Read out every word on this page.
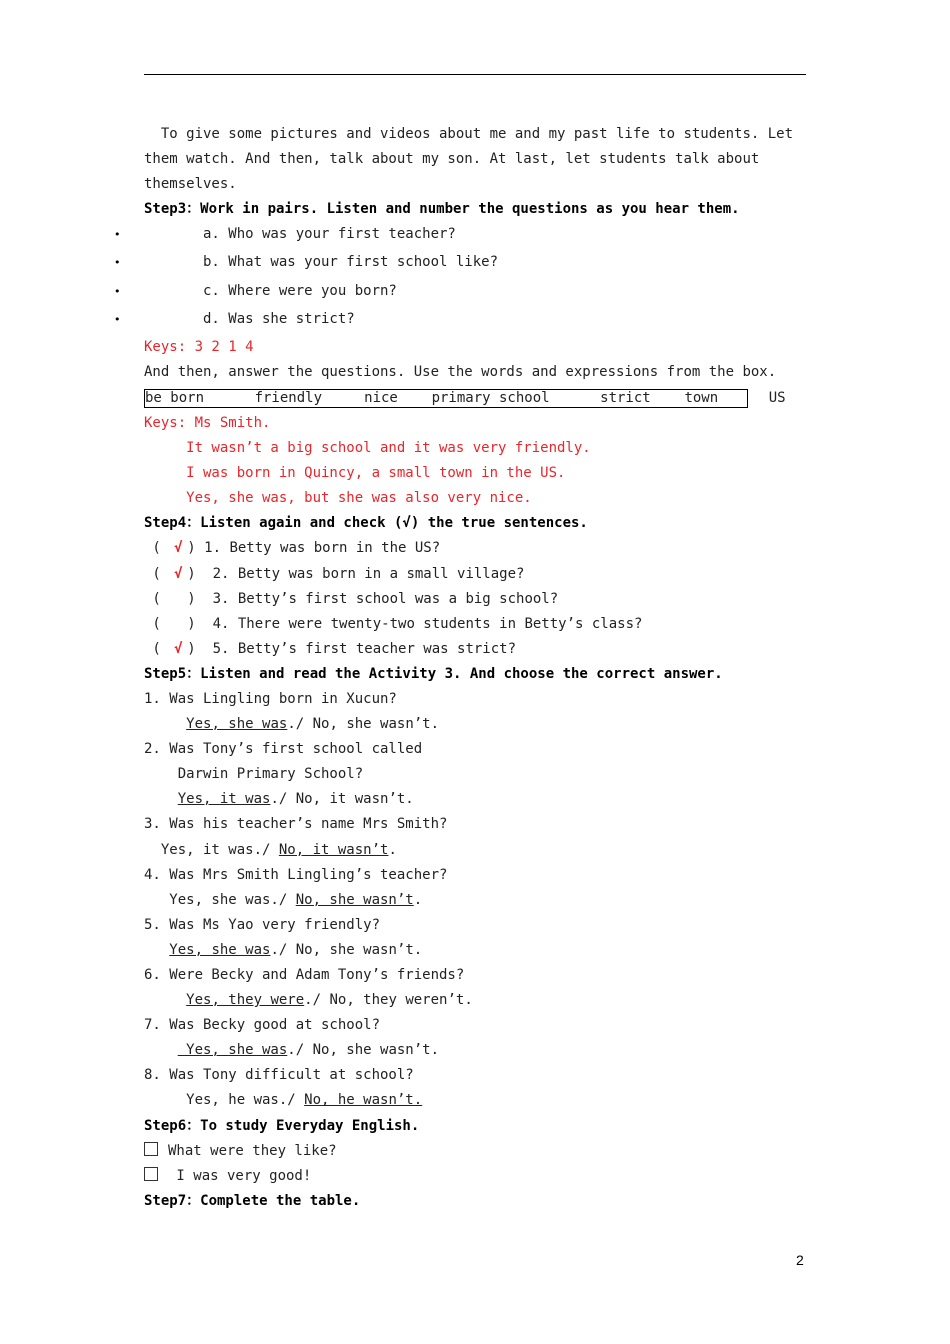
To give some pictures and videos about me and my past life to students. Let
them watch. And then, talk about my son. At last, let students talk about
themselves.
Step3：Work in pairs. Listen and number the questions as you hear them.
• a. Who was your first teacher?
• b. What was your first school like?
• c. Where were you born?
• d. Was she strict?
Keys: 3 2 1 4
And then, answer the questions. Use the words and expressions from the box.
be born      friendly     nice    primary school      strict    town      US
Keys: Ms Smith.
It wasn’t a big school and it was very friendly.
I was born in Quincy, a small town in the US.
Yes, she was, but she was also very nice.
Step4：Listen again and check (√) the true sentences.
( √ ) 1. Betty was born in the US?
( √ )  2. Betty was born in a small village?
( )  3. Betty’s first school was a big school?
( )  4. There were twenty-two students in Betty’s class?
( √ )  5. Betty’s first teacher was strict?
Step5：Listen and read the Activity 3. And choose the correct answer.
1. Was Lingling born in Xucun?
Yes, she was./ No, she wasn’t.
2. Was Tony’s first school called
Darwin Primary School?
Yes, it was./ No, it wasn’t.
3. Was his teacher’s name Mrs Smith?
Yes, it was./ No, it wasn’t.
4. Was Mrs Smith Lingling’s teacher?
Yes, she was./ No, she wasn’t.
5. Was Ms Yao very friendly?
Yes, she was./ No, she wasn’t.
6. Were Becky and Adam Tony’s friends?
Yes, they were./ No, they weren’t.
7. Was Becky good at school?
Yes, she was./ No, she wasn’t.
8. Was Tony difficult at school?
Yes, he was./ No, he wasn’t.
Step6：To study Everyday English.
What were they like?
I was very good!
Step7：Complete the table.
2
